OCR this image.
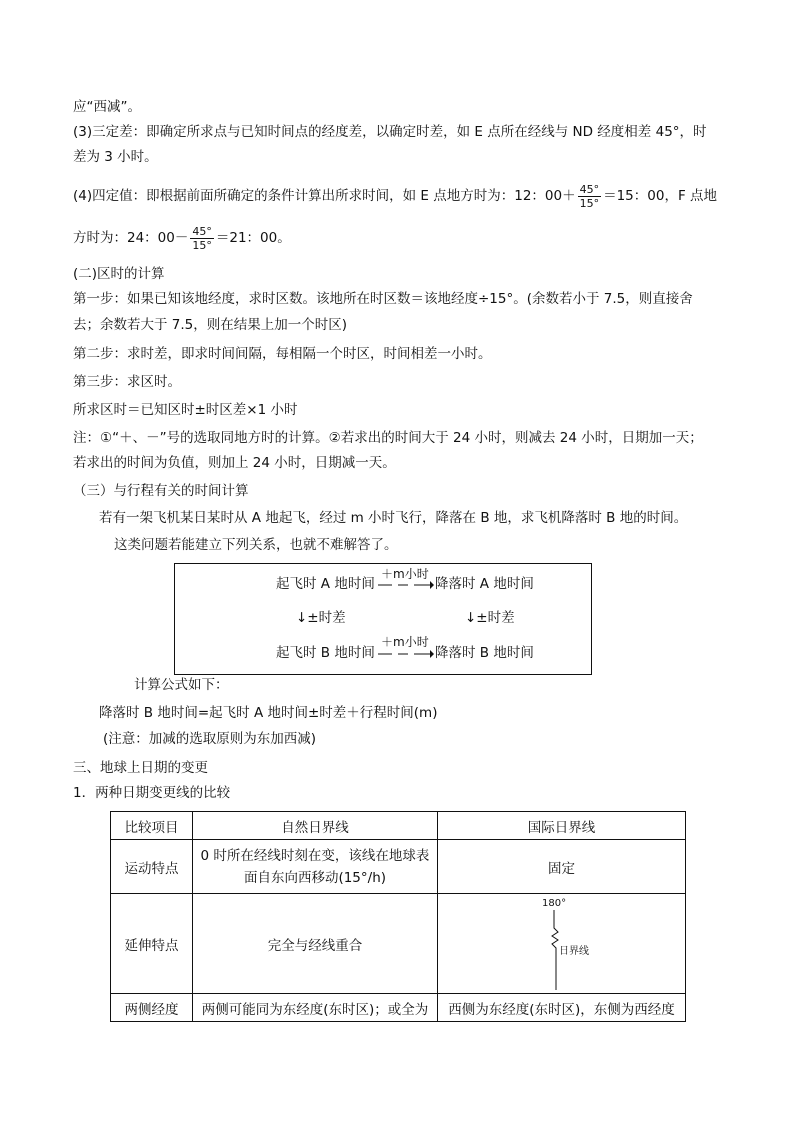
应“西减”。
(3)三定差：即确定所求点与已知时间点的经度差，以确定时差，如 E 点所在经线与 ND 经度相差 45°，时
差为 3 小时。
(4)四定值：即根据前面所确定的条件计算出所求时间，如 E 点地方时为：12：$00+ \frac{45^\circ}{15^\circ} =15$：00，F 点地
方时为：24：$00- \frac{45^\circ}{15^\circ} =21$：00。
(二)区时的计算
第一步：如果已知该地经度，求时区数。该地所在时区数＝该地经度÷15°。(余数若小于 7.5，则直接舍
去；余数若大于 7.5，则在结果上加一个时区)
第二步：求时差，即求时间间隔，每相隔一个时区，时间相差一小时。
第三步：求区时。
所求区时＝已知区时±时区差×1 小时
注：①“＋、－”号的选取同地方时的计算。②若求出的时间大于 24 小时，则减去 24 小时，日期加一天；
若求出的时间为负值，则加上 24 小时，日期减一天。
（三）与行程有关的时间计算
若有一架飞机某日某时从 A 地起飞，经过 m 小时飞行，降落在 B 地，求飞机降落时 B 地的时间。
这类问题若能建立下列关系，也就不难解答了。
起飞时 A 地时间
＋m小时
降落时 A 地时间
↓±时差	↓±时差
起飞时 B 地时间
＋m小时
降落时 B 地时间
计算公式如下：
降落时 B 地时间=起飞时 A 地时间±时差＋行程时间(m)
(注意：加减的选取原则为东加西减)
三、地球上日期的变更
1．两种日期变更线的比较
比较项目	自然日界线	国际日界线
运动特点	0 时所在经线时刻在变，该线在地球表
面自东向西移动(15°/h)	固定
延伸特点	完全与经线重合	180°
日界线

两侧经度	两侧可能同为东经度(东时区)；或全为	西侧为东经度(东时区)，东侧为西经度
